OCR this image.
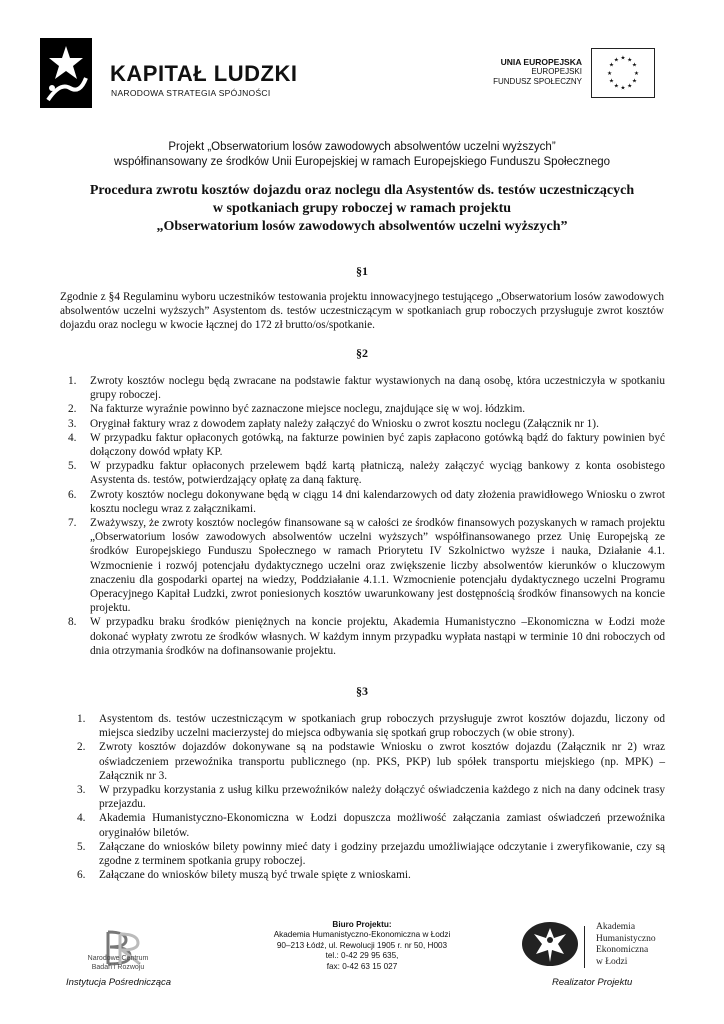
KAPITAŁ LUDZKI
NARODOWA STRATEGIA SPÓJNOŚCI
UNIA EUROPEJSKA
EUROPEJSKI
FUNDUSZ SPOŁECZNY
★ ★
★
★
★
★
★
★
★
★
★
★
Projekt „Obserwatorium losów zawodowych absolwentów uczelni wyższych”
współfinansowany ze środków Unii Europejskiej w ramach Europejskiego Funduszu Społecznego
Procedura zwrotu kosztów dojazdu oraz noclegu dla Asystentów ds. testów uczestniczących
w spotkaniach grupy roboczej w ramach projektu
„Obserwatorium losów zawodowych absolwentów uczelni wyższych”
§1
Zgodnie z §4 Regulaminu wyboru uczestników testowania projektu innowacyjnego testującego „Obserwatorium losów zawodowych absolwentów uczelni wyższych” Asystentom ds. testów uczestniczącym w spotkaniach grup roboczych przysługuje zwrot kosztów dojazdu oraz noclegu w kwocie łącznej do 172 zł brutto/os/spotkanie.
§2
1. Zwroty kosztów noclegu będą zwracane na podstawie faktur wystawionych na daną osobę, która uczestniczyła w spotkaniu grupy roboczej.
2. Na fakturze wyraźnie powinno być zaznaczone miejsce noclegu, znajdujące się w woj. łódzkim.
3. Oryginał faktury wraz z dowodem zapłaty należy załączyć do Wniosku o zwrot kosztu noclegu (Załącznik nr 1).
4. W przypadku faktur opłaconych gotówką, na fakturze powinien być zapis zapłacono gotówką bądź do faktury powinien być dołączony dowód wpłaty KP.
5. W przypadku faktur opłaconych przelewem bądź kartą płatniczą, należy załączyć wyciąg bankowy z konta osobistego Asystenta ds. testów, potwierdzający opłatę za daną fakturę.
6. Zwroty kosztów noclegu dokonywane będą w ciągu 14 dni kalendarzowych od daty złożenia prawidłowego Wniosku o zwrot kosztu noclegu wraz z załącznikami.
7. Zważywszy, że zwroty kosztów noclegów finansowane są w całości ze środków finansowych pozyskanych w ramach projektu „Obserwatorium losów zawodowych absolwentów uczelni wyższych” współfinansowanego przez Unię Europejską ze środków Europejskiego Funduszu Społecznego w ramach Priorytetu IV Szkolnictwo wyższe i nauka, Działanie 4.1. Wzmocnienie i rozwój potencjału dydaktycznego uczelni oraz zwiększenie liczby absolwentów kierunków o kluczowym znaczeniu dla gospodarki opartej na wiedzy, Poddziałanie 4.1.1. Wzmocnienie potencjału dydaktycznego uczelni Programu Operacyjnego Kapitał Ludzki, zwrot poniesionych kosztów uwarunkowany jest dostępnością środków finansowych na koncie projektu.
8. W przypadku braku środków pieniężnych na koncie projektu, Akademia Humanistyczno –Ekonomiczna w Łodzi może dokonać wypłaty zwrotu ze środków własnych. W każdym innym przypadku wypłata nastąpi w terminie 10 dni roboczych od dnia otrzymania środków na dofinansowanie projektu.
§3
1. Asystentom ds. testów uczestniczącym w spotkaniach grup roboczych przysługuje zwrot kosztów dojazdu, liczony od miejsca siedziby uczelni macierzystej do miejsca odbywania się spotkań grup roboczych (w obie strony).
2. Zwroty kosztów dojazdów dokonywane są na podstawie Wniosku o zwrot kosztów dojazdu (Załącznik nr 2) wraz oświadczeniem przewoźnika transportu publicznego (np. PKS, PKP) lub spółek transportu miejskiego (np. MPK) – Załącznik nr 3.
3. W przypadku korzystania z usług kilku przewoźników należy dołączyć oświadczenia każdego z nich na dany odcinek trasy przejazdu.
4. Akademia Humanistyczno-Ekonomiczna w Łodzi dopuszcza możliwość załączania zamiast oświadczeń przewoźnika oryginałów biletów.
5. Załączane do wniosków bilety powinny mieć daty i godziny przejazdu umożliwiające odczytanie i zweryfikowanie, czy są zgodne z terminem spotkania grupy roboczej.
6. Załączane do wniosków bilety muszą być trwale spięte z wnioskami.
Narodowe Centrum
Badań i Rozwoju
Instytucja Pośrednicząca
Biuro Projektu:
Akademia Humanistyczno-Ekonomiczna w Łodzi
90–213 Łódź, ul. Rewolucji 1905 r. nr 50, H003
tel.: 0-42 29 95 635,
fax: 0-42 63 15 027
Akademia
Humanistyczno
Ekonomiczna
w Łodzi
Realizator Projektu
